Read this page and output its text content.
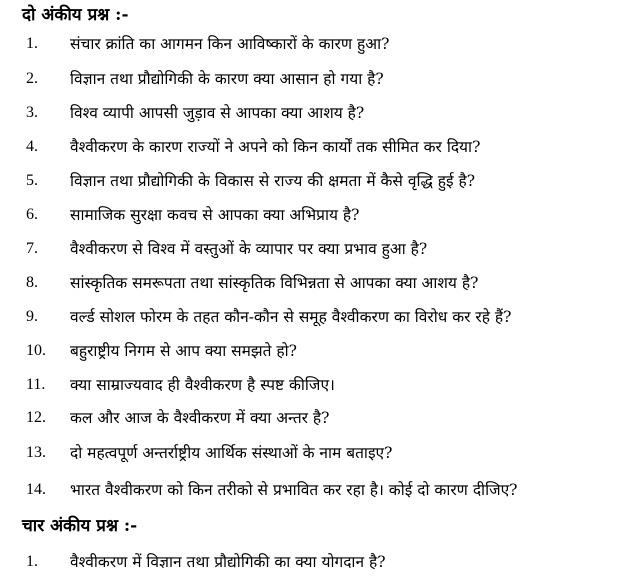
दो अंकीय प्रश्न :-
1. संचार क्रांति का आगमन किन आविष्कारों के कारण हुआ?
2. विज्ञान तथा प्रौद्योगिकी के कारण क्या आसान हो गया है?
3. विश्व व्यापी आपसी जुड़ाव से आपका क्या आशय है?
4. वैश्वीकरण के कारण राज्यों ने अपने को किन कार्यों तक सीमित कर दिया?
5. विज्ञान तथा प्रौद्योगिकी के विकास से राज्य की क्षमता में कैसे वृद्धि हुई है?
6. सामाजिक सुरक्षा कवच से आपका क्या अभिप्राय है?
7. वैश्वीकरण से विश्व में वस्तुओं के व्यापार पर क्या प्रभाव हुआ है?
8. सांस्कृतिक समरूपता तथा सांस्कृतिक विभिन्नता से आपका क्या आशय है?
9. वर्ल्ड सोशल फोरम के तहत कौन-कौन से समूह वैश्वीकरण का विरोध कर रहे हैं?
10. बहुराष्ट्रीय निगम से आप क्या समझते हो?
11. क्या साम्राज्यवाद ही वैश्वीकरण है स्पष्ट कीजिए।
12. कल और आज के वैश्वीकरण में क्या अन्तर है?
13. दो महत्वपूर्ण अन्तर्राष्ट्रीय आर्थिक संस्थाओं के नाम बताइए?
14. भारत वैश्वीकरण को किन तरीको से प्रभावित कर रहा है। कोई दो कारण दीजिए?
चार अंकीय प्रश्न :-
1. वैश्वीकरण में विज्ञान तथा प्रौद्योगिकी का क्या योगदान है?
